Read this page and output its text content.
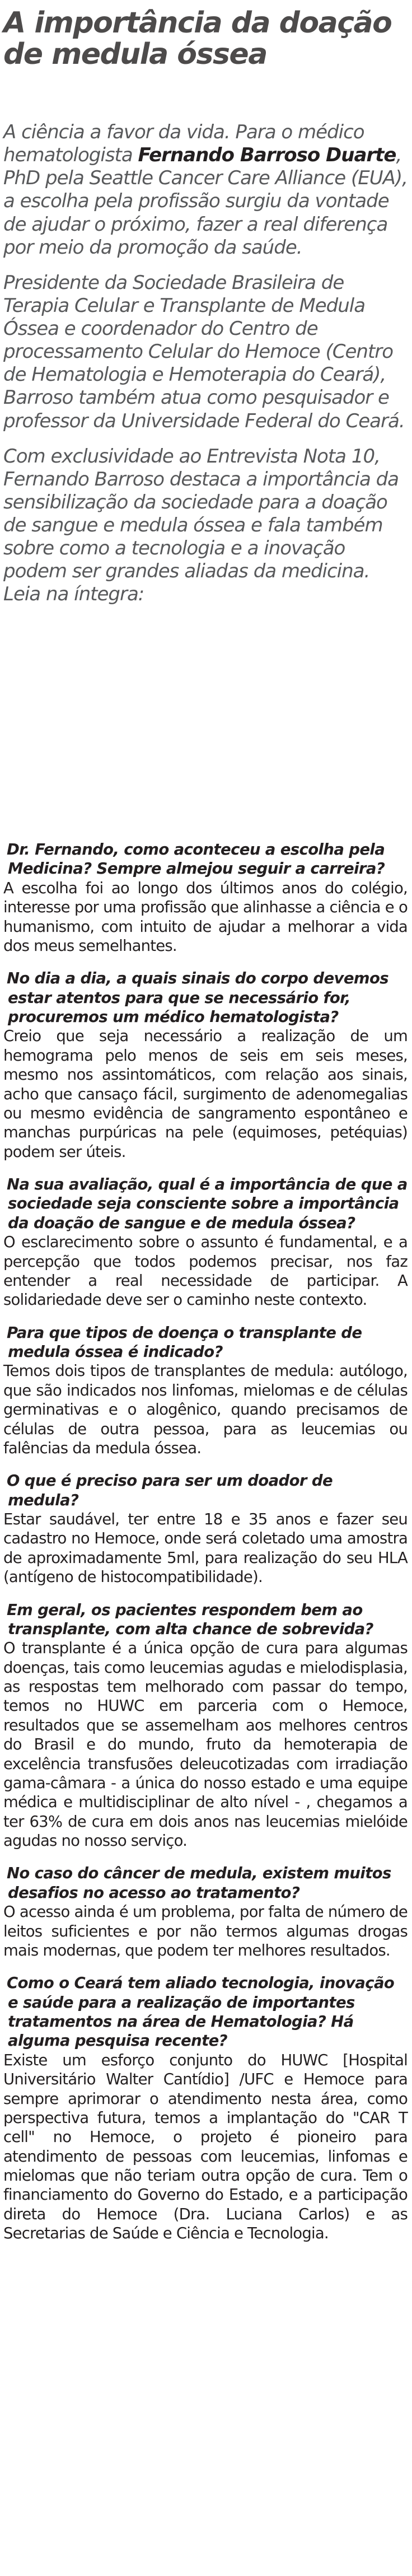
A importância da doação de medula óssea

A ciência a favor da vida. Para o médico hematologista Fernando Barroso Duarte, PhD pela Seattle Cancer Care Alliance (EUA), a escolha pela profissão surgiu da vontade de ajudar o próximo, fazer a real diferença por meio da promoção da saúde.

Presidente da Sociedade Brasileira de Terapia Celular e Transplante de Medula Óssea e coordenador do Centro de processamento Celular do Hemoce (Centro de Hematologia e Hemoterapia do Ceará), Barroso também atua como pesquisador e professor da Universidade Federal do Ceará.

Com exclusividade ao Entrevista Nota 10, Fernando Barroso destaca a importância da sensibilização da sociedade para a doação de sangue e medula óssea e fala também sobre como a tecnologia e a inovação podem ser grandes aliadas da medicina. Leia na íntegra:

Dr. Fernando, como aconteceu a escolha pela Medicina? Sempre almejou seguir a carreira?

A escolha foi ao longo dos últimos anos do colégio, interesse por uma profissão que alinhasse a ciência e o humanismo, com intuito de ajudar a melhorar a vida dos meus semelhantes.

No dia a dia, a quais sinais do corpo devemos estar atentos para que se necessário for, procuremos um médico hematologista?

Creio que seja necessário a realização de um hemograma pelo menos de seis em seis meses, mesmo nos assintomáticos, com relação aos sinais, acho que cansaço fácil, surgimento de adenomegalias ou mesmo evidência de sangramento espontâneo e manchas purpúricas na pele (equimoses, petéquias) podem ser úteis.

Na sua avaliação, qual é a importância de que a sociedade seja consciente sobre a importância da doação de sangue e de medula óssea?

O esclarecimento sobre o assunto é fundamental, e a percepção que todos podemos precisar, nos faz entender a real necessidade de participar. A solidariedade deve ser o caminho neste contexto.

Para que tipos de doença o transplante de medula óssea é indicado?

Temos dois tipos de transplantes de medula: autólogo, que são indicados nos linfomas, mielomas e de células germinativas e o alogênico, quando precisamos de células de outra pessoa, para as leucemias ou falências da medula óssea.

O que é preciso para ser um doador de medula?

Estar saudável, ter entre 18 e 35 anos e fazer seu cadastro no Hemoce, onde será coletado uma amostra de aproximadamente 5ml, para realização do seu HLA (antígeno de histocompatibilidade).

Em geral, os pacientes respondem bem ao transplante, com alta chance de sobrevida?

O transplante é a única opção de cura para algumas doenças, tais como leucemias agudas e mielodisplasia, as respostas tem melhorado com passar do tempo, temos no HUWC em parceria com o Hemoce, resultados que se assemelham aos melhores centros do Brasil e do mundo, fruto da hemoterapia de excelência transfusões deleucotizadas com irradiação gama-câmara - a única do nosso estado e uma equipe médica e multidisciplinar de alto nível - , chegamos a ter 63% de cura em dois anos nas leucemias mielóide agudas no nosso serviço.

No caso do câncer de medula, existem muitos desafios no acesso ao tratamento?

O acesso ainda é um problema, por falta de número de leitos suficientes e por não termos algumas drogas mais modernas, que podem ter melhores resultados.

Como o Ceará tem aliado tecnologia, inovação e saúde para a realização de importantes tratamentos na área de Hematologia? Há alguma pesquisa recente?

Existe um esforço conjunto do HUWC [Hospital Universitário Walter Cantídio] /UFC e Hemoce para sempre aprimorar o atendimento nesta área, como perspectiva futura, temos a implantação do "CAR T cell" no Hemoce, o projeto é pioneiro para atendimento de pessoas com leucemias, linfomas e mielomas que não teriam outra opção de cura. Tem o financiamento do Governo do Estado, e a participação direta do Hemoce (Dra. Luciana Carlos) e as Secretarias de Saúde e Ciência e Tecnologia.
